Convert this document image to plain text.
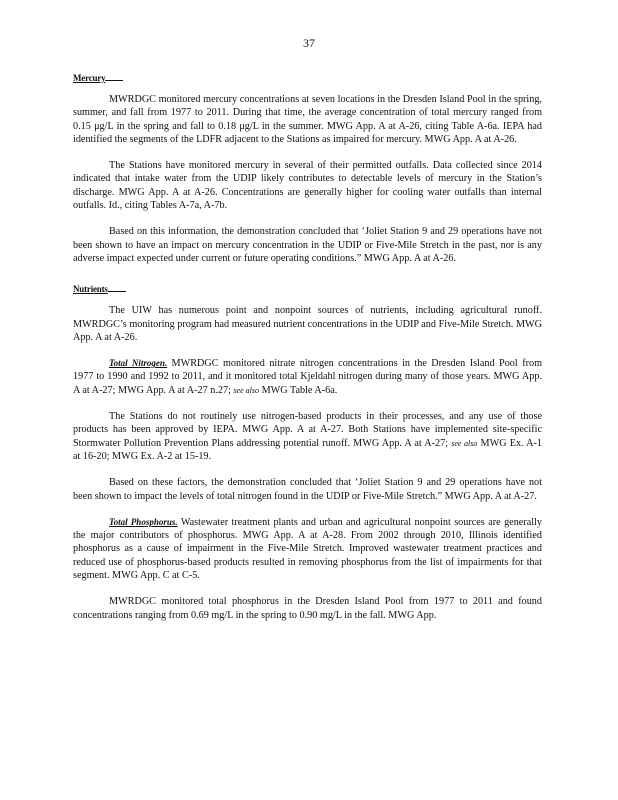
37
Mercury

MWRDGC monitored mercury concentrations at seven locations in the Dresden Island Pool in the spring, summer, and fall from 1977 to 2011. During that time, the average concentration of total mercury ranged from 0.15 μg/L in the spring and fall to 0.18 μg/L in the summer. MWG App. A at A-26, citing Table A-6a. IEPA had identified the segments of the LDFR adjacent to the Stations as impaired for mercury. MWG App. A at A-26.

The Stations have monitored mercury in several of their permitted outfalls. Data collected since 2014 indicated that intake water from the UDIP likely contributes to detectable levels of mercury in the Station’s discharge. MWG App. A at A-26. Concentrations are generally higher for cooling water outfalls than internal outfalls. Id., citing Tables A-7a, A-7b.

Based on this information, the demonstration concluded that ‘Joliet Station 9 and 29 operations have not been shown to have an impact on mercury concentration in the UDIP or Five-Mile Stretch in the past, nor is any adverse impact expected under current or future operating conditions.” MWG App. A at A-26.

Nutrients

The UIW has numerous point and nonpoint sources of nutrients, including agricultural runoff. MWRDGC’s monitoring program had measured nutrient concentrations in the UDIP and Five-Mile Stretch. MWG App. A at A-26.

Total Nitrogen. MWRDGC monitored nitrate nitrogen concentrations in the Dresden Island Pool from 1977 to 1990 and 1992 to 2011, and it monitored total Kjeldahl nitrogen during many of those years. MWG App. A at A-27; MWG App. A at A-27 n.27; see also MWG Table A-6a.

The Stations do not routinely use nitrogen-based products in their processes, and any use of those products has been approved by IEPA. MWG App. A at A-27. Both Stations have implemented site-specific Stormwater Pollution Prevention Plans addressing potential runoff. MWG App. A at A-27; see also MWG Ex. A-1 at 16-20; MWG Ex. A-2 at 15-19.

Based on these factors, the demonstration concluded that ‘Joliet Station 9 and 29 operations have not been shown to impact the levels of total nitrogen found in the UDIP or Five-Mile Stretch.” MWG App. A at A-27.

Total Phosphorus. Wastewater treatment plants and urban and agricultural nonpoint sources are generally the major contributors of phosphorus. MWG App. A at A-28. From 2002 through 2010, Illinois identified phosphorus as a cause of impairment in the Five-Mile Stretch. Improved wastewater treatment practices and reduced use of phosphorus-based products resulted in removing phosphorus from the list of impairments for that segment. MWG App. C at C-5.

MWRDGC monitored total phosphorus in the Dresden Island Pool from 1977 to 2011 and found concentrations ranging from 0.69 mg/L in the spring to 0.90 mg/L in the fall. MWG App.
